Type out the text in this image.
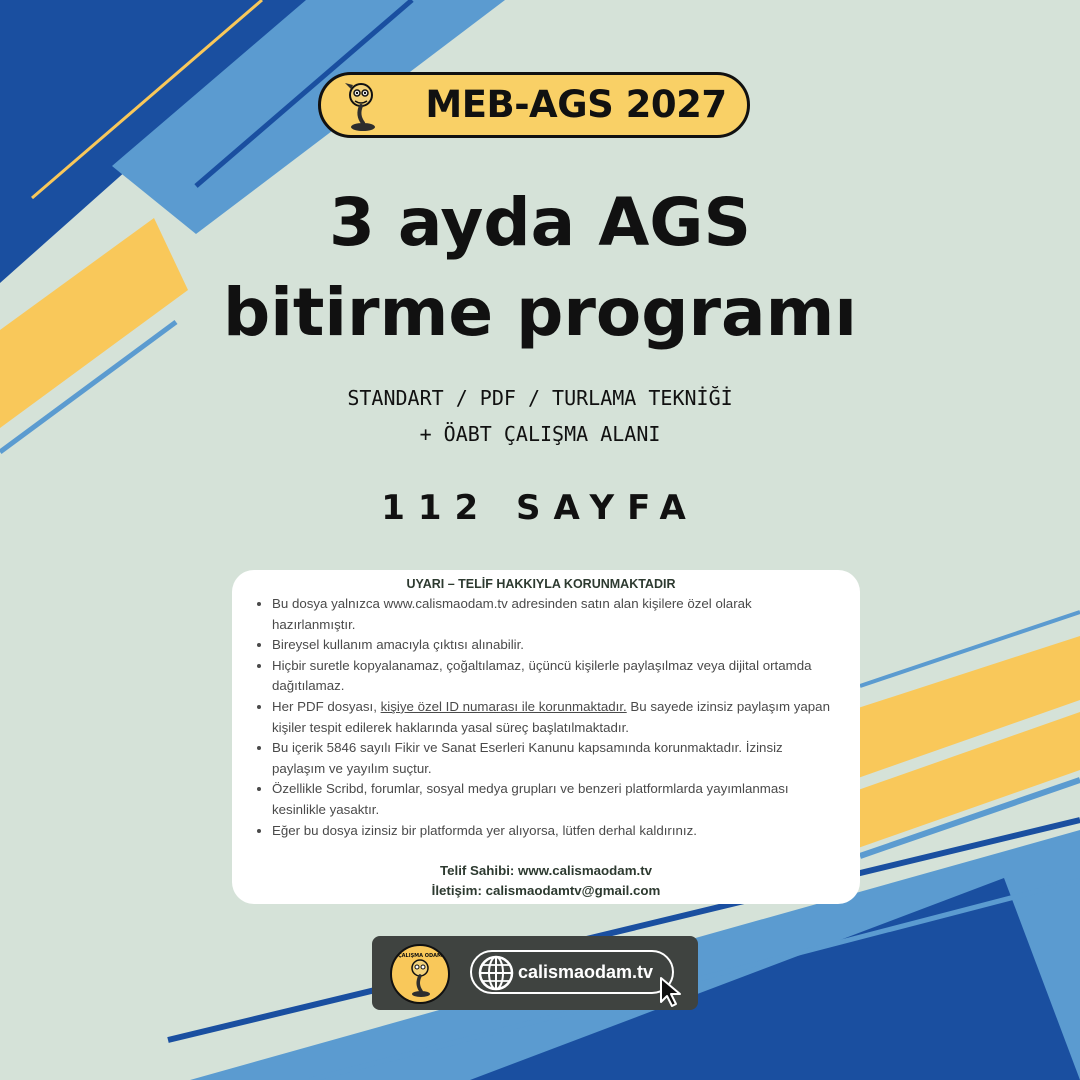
MEB-AGS 2027
3 ayda AGS
bitirme programı
STANDART / PDF / TURLAMA TEKNİĞİ
+ ÖABT ÇALIŞMA ALANI
112 SAYFA
UYARI – TELİF HAKKIYLA KORUNMAKTADIR
• Bu dosya yalnızca www.calismaodam.tv adresinden satın alan kişilere özel olarak hazırlanmıştır.
• Bireysel kullanım amacıyla çıktısı alınabilir.
• Hiçbir suretle kopyalanamaz, çoğaltılamaz, üçüncü kişilerle paylaşılmaz veya dijital ortamda dağıtılamaz.
• Her PDF dosyası, kişiye özel ID numarası ile korunmaktadır. Bu sayede izinsiz paylaşım yapan kişiler tespit edilerek haklarında yasal süreç başlatılmaktadır.
• Bu içerik 5846 sayılı Fikir ve Sanat Eserleri Kanunu kapsamında korunmaktadır. İzinsiz paylaşım ve yayılım suçtur.
• Özellikle Scribd, forumlar, sosyal medya grupları ve benzeri platformlarda yayımlanması kesinlikle yasaktır.
• Eğer bu dosya izinsiz bir platformda yer alıyorsa, lütfen derhal kaldırınız.
Telif Sahibi: www.calismaodam.tv
İletişim: calismaodamtv@gmail.com
ÇALIŞMA ODAM
calismaodam.tv
